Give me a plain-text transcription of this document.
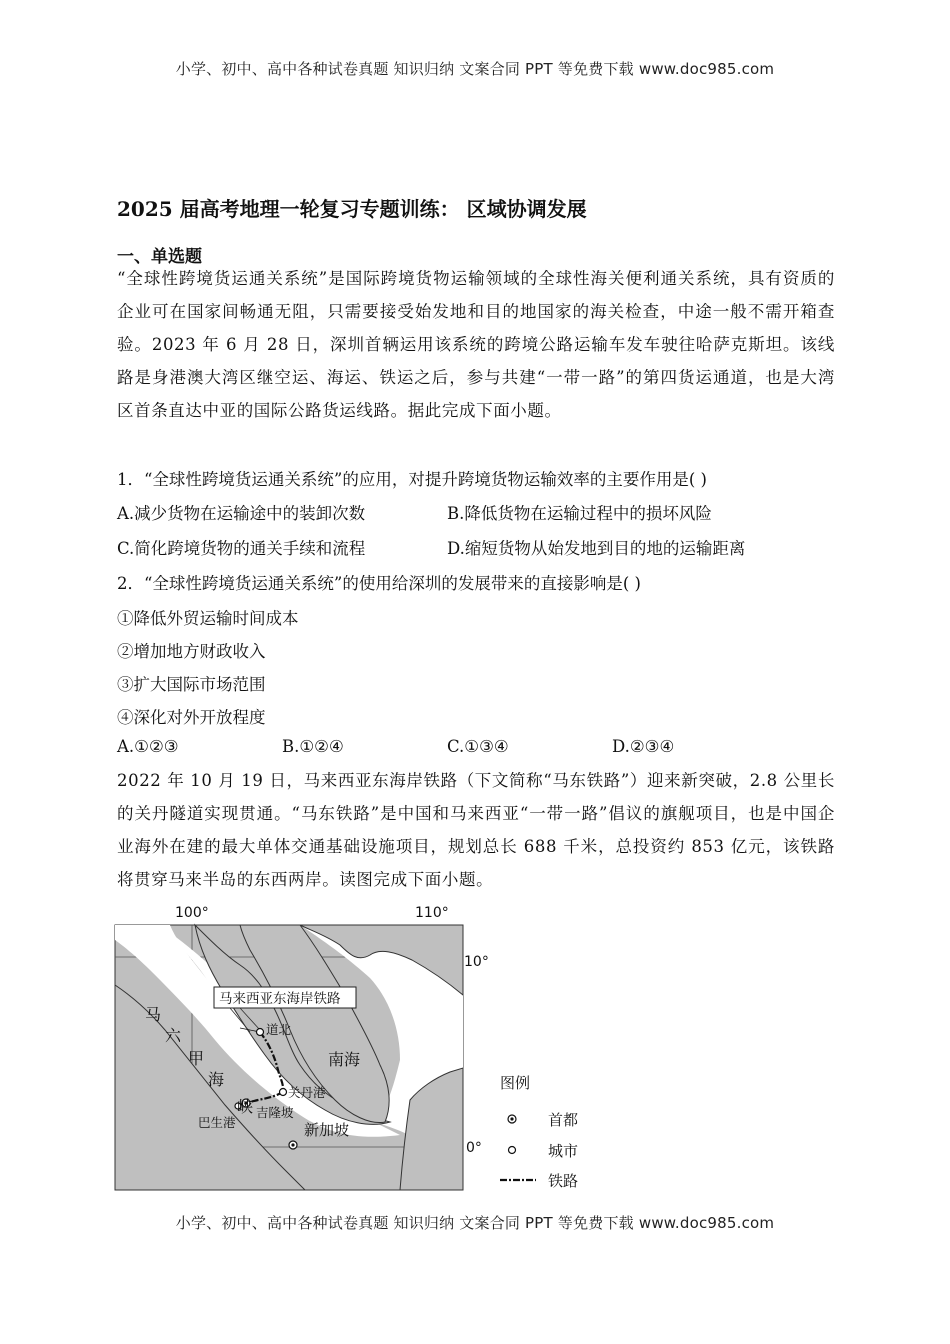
小学、初中、高中各种试卷真题 知识归纳 文案合同 PPT 等免费下载 www.doc985.com
2025 届高考地理一轮复习专题训练： 区域协调发展
一、单选题
“全球性跨境货运通关系统”是国际跨境货物运输领域的全球性海关便利通关系统，具有资质的企业可在国家间畅通无阻，只需要接受始发地和目的地国家的海关检查，中途一般不需开箱查验。2023 年 6 月 28 日，深圳首辆运用该系统的跨境公路运输车发车驶往哈萨克斯坦。该线路是身港澳大湾区继空运、海运、铁运之后，参与共建“一带一路”的第四货运通道，也是大湾区首条直达中亚的国际公路货运线路。据此完成下面小题。
1．“全球性跨境货运通关系统”的应用，对提升跨境货物运输效率的主要作用是( )
A.减少货物在运输途中的装卸次数	B.降低货物在运输过程中的损坏风险
C.简化跨境货物的通关手续和流程	D.缩短货物从始发地到目的地的运输距离
2．“全球性跨境货运通关系统”的使用给深圳的发展带来的直接影响是( )
①降低外贸运输时间成本
②增加地方财政收入
③扩大国际市场范围
④深化对外开放程度
A.①②③	B.①②④	C.①③④	D.②③④
2022 年 10 月 19 日，马来西亚东海岸铁路（下文简称“马东铁路”）迎来新突破，2.8 公里长的关丹隧道实现贯通。“马东铁路”是中国和马来西亚“一带一路”倡议的旗舰项目，也是中国企业海外在建的最大单体交通基础设施项目，规划总长 688 千米，总投资约 853 亿元，该铁路将贯穿马来半岛的东西两岸。读图完成下面小题。
100°	110°
10°
0°
马来西亚东海岸铁路
道北
关丹港
吉隆坡
巴生港	新加坡
马
六
甲
海
峡
南海
图例
首都
城市
铁路
小学、初中、高中各种试卷真题 知识归纳 文案合同 PPT 等免费下载 www.doc985.com
